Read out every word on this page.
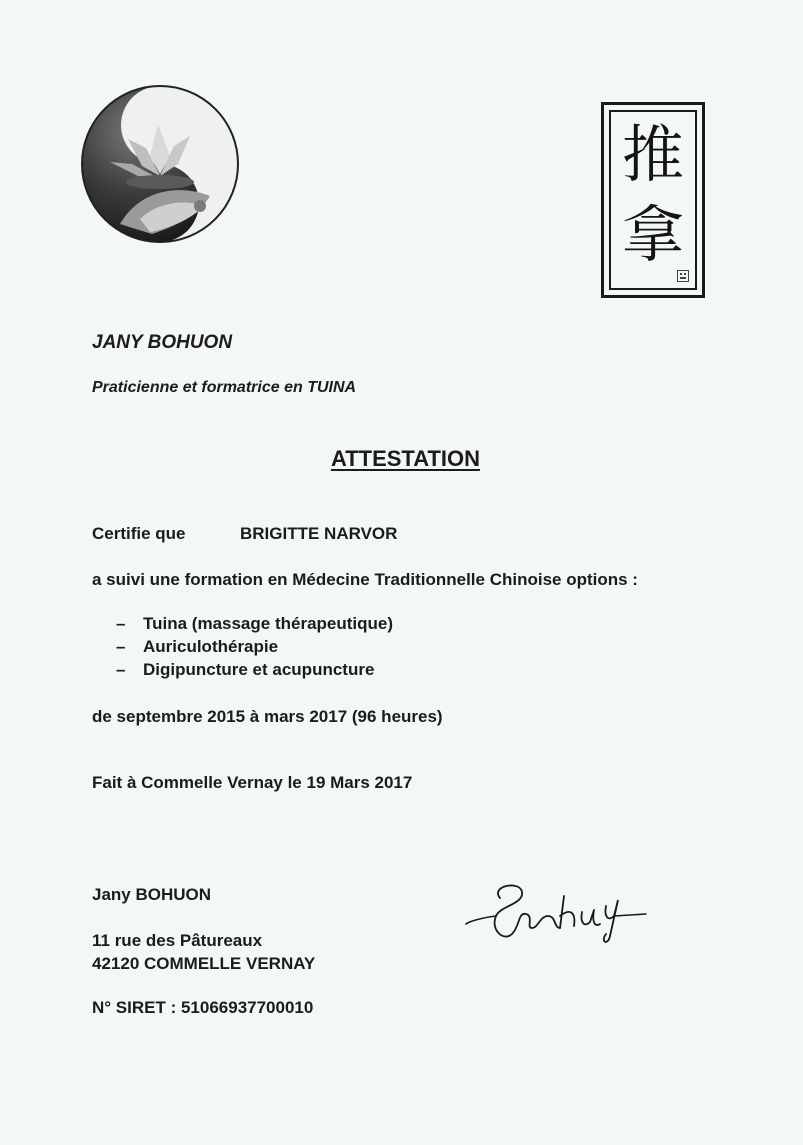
推
拿
JANY BOHUON
Praticienne et formatrice en TUINA
ATTESTATION
Certifie que	BRIGITTE NARVOR
a suivi une formation en Médecine Traditionnelle Chinoise options :
– Tuina (massage thérapeutique)
– Auriculothérapie
– Digipuncture et acupuncture
de septembre 2015 à mars 2017 (96 heures)
Fait à Commelle Vernay le 19 Mars 2017
Jany BOHUON
11 rue des Pâtureaux
42120 COMMELLE VERNAY
N° SIRET : 51066937700010
